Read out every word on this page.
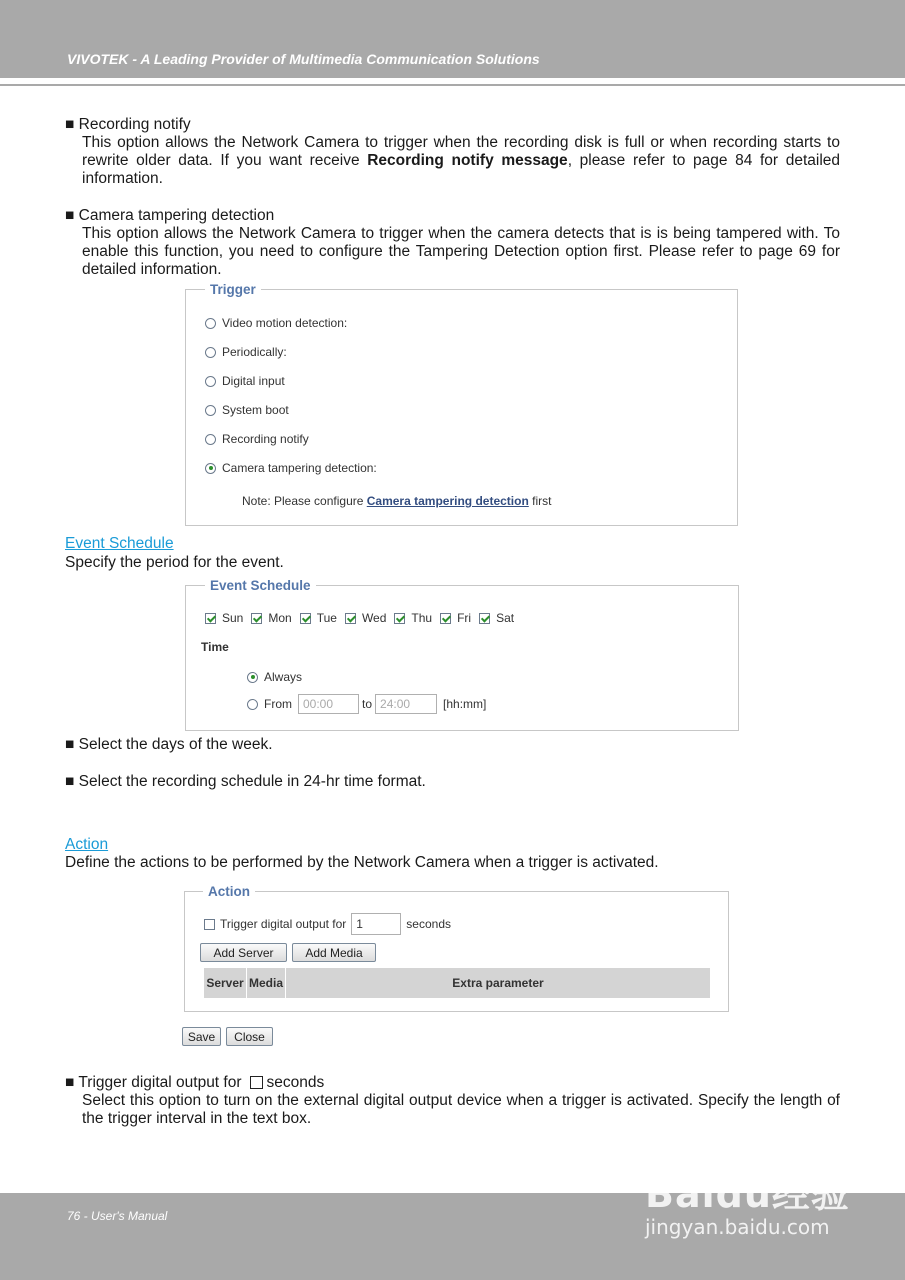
VIVOTEK - A Leading Provider of Multimedia Communication Solutions
■ Recording notify
This option allows the Network Camera to trigger when the recording disk is full or when recording starts to rewrite older data. If you want receive Recording notify message, please refer to page 84 for detailed information.
■ Camera tampering detection
This option allows the Network Camera to trigger when the camera detects that is is being tampered with. To enable this function, you need to configure the Tampering Detection option first. Please refer to page 69 for detailed information.
Trigger
Video motion detection:
Periodically:
Digital input
System boot
Recording notify
Camera tampering detection:
Note: Please configure Camera tampering detection first
Event Schedule
Specify the period for the event.
Event Schedule
Sun Mon Tue Wed Thu Fri Sat
Time
Always
From
00:00	to
24:00	[hh:mm]
■ Select the days of the week.
■ Select the recording schedule in 24-hr time format.
Action
Define the actions to be performed by the Network Camera when a trigger is activated.
Action
Trigger digital output for
1	seconds
Add Server	Add Media
Server Media	Extra parameter
Save	Close
■ Trigger digital output for seconds
Select this option to turn on the external digital output device when a trigger is activated. Specify the length of the trigger interval in the text box.
76 - User's Manual	Baidu经验
jingyan.baidu.com
